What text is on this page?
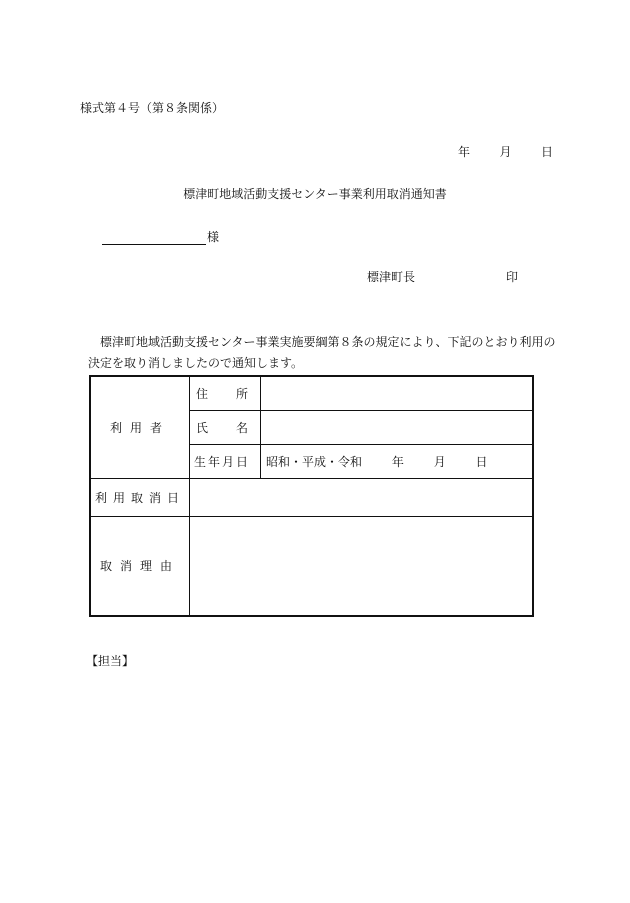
様式第４号（第８条関係）
年 月 日
標津町地域活動支援センター事業利用取消通知書
様
標津町長	印
標津町地域活動支援センター事業実施要綱第８条の規定により、下記のとおり利用の
決定を取り消しましたので通知します。
利用者	住 所	

	氏 名	

	生年月日	昭和・平成・令和 年 月 日
利用取消日		
取消理由		
【担当】
